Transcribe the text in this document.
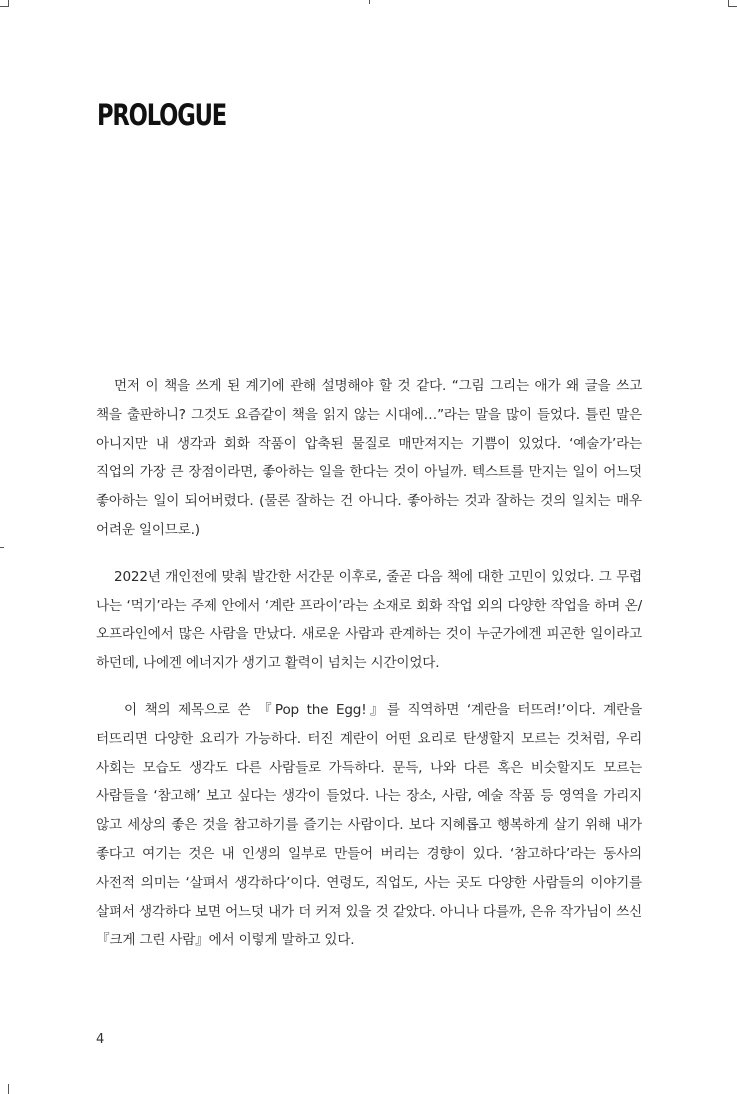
PROLOGUE

먼저 이 책을 쓰게 된 계기에 관해 설명해야 할 것 같다. “그림 그리는 애가 왜 글을 쓰고 책을 출판하니? 그것도 요즘같이 책을 읽지 않는 시대에…”라는 말을 많이 들었다. 틀린 말은 아니지만 내 생각과 회화 작품이 압축된 물질로 매만져지는 기쁨이 있었다. ‘예술가’라는 직업의 가장 큰 장점이라면, 좋아하는 일을 한다는 것이 아닐까. 텍스트를 만지는 일이 어느덧 좋아하는 일이 되어버렸다. (물론 잘하는 건 아니다. 좋아하는 것과 잘하는 것의 일치는 매우 어려운 일이므로.)

2022년 개인전에 맞춰 발간한 서간문 이후로, 줄곧 다음 책에 대한 고민이 있었다. 그 무렵 나는 ‘먹기’라는 주제 안에서 ‘계란 프라이’라는 소재로 회화 작업 외의 다양한 작업을 하며 온/오프라인에서 많은 사람을 만났다. 새로운 사람과 관계하는 것이 누군가에겐 피곤한 일이라고 하던데, 나에겐 에너지가 생기고 활력이 넘치는 시간이었다.

이 책의 제목으로 쓴 『Pop the Egg!』를 직역하면 ‘계란을 터뜨려!’이다. 계란을 터뜨리면 다양한 요리가 가능하다. 터진 계란이 어떤 요리로 탄생할지 모르는 것처럼, 우리 사회는 모습도 생각도 다른 사람들로 가득하다. 문득, 나와 다른 혹은 비슷할지도 모르는 사람들을 ‘참고해’ 보고 싶다는 생각이 들었다. 나는 장소, 사람, 예술 작품 등 영역을 가리지 않고 세상의 좋은 것을 참고하기를 즐기는 사람이다. 보다 지혜롭고 행복하게 살기 위해 내가 좋다고 여기는 것은 내 인생의 일부로 만들어 버리는 경향이 있다. ‘참고하다’라는 동사의 사전적 의미는 ‘살펴서 생각하다’이다. 연령도, 직업도, 사는 곳도 다양한 사람들의 이야기를 살펴서 생각하다 보면 어느덧 내가 더 커져 있을 것 같았다. 아니나 다를까, 은유 작가님이 쓰신 『크게 그린 사람』에서 이렇게 말하고 있다.

4
